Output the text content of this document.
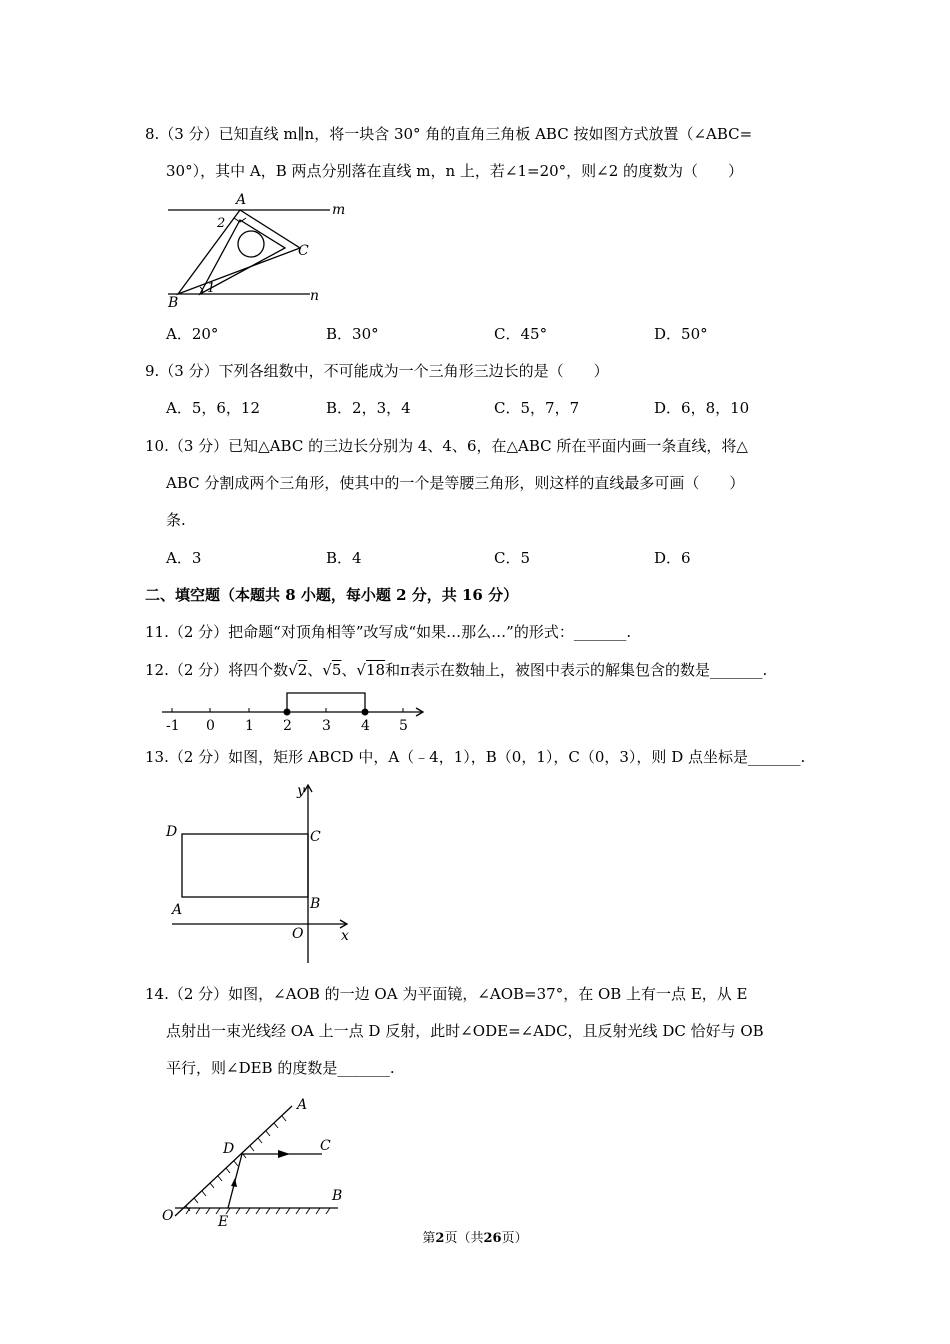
8.（3 分）已知直线 m∥n，将一块含 30° 角的直角三角板 ABC 按如图方式放置（∠ABC=
30°），其中 A，B 两点分别落在直线 m，n 上，若∠1=20°，则∠2 的度数为（　　）
A
B
C
m
n
1
2
A．20°	B．30°	C．45°	D．50°
9.（3 分）下列各组数中，不可能成为一个三角形三边长的是（　　）
A．5，6，12	B．2，3，4	C．5，7，7	D．6，8，10
10.（3 分）已知△ABC 的三边长分别为 4、4、6，在△ABC 所在平面内画一条直线，将△
ABC 分割成两个三角形，使其中的一个是等腰三角形，则这样的直线最多可画（　　）
条.
A．3	B．4	C．5	D．6
二、填空题（本题共 8 小题，每小题 2 分，共 16 分）
11.（2 分）把命题“对顶角相等”改写成“如果…那么…”的形式：_______.
12.（2 分）将四个数√2、√5、√18和π表示在数轴上，被图中表示的解集包含的数是_______.
-1 0 1 2 3 4 5
13.（2 分）如图，矩形 ABCD 中，A（﹣4，1），B（0，1），C（0，3），则 D 点坐标是_______.
y
x
O
A	B
C
D
14.（2 分）如图，∠AOB 的一边 OA 为平面镜，∠AOB=37°，在 OB 上有一点 E，从 E
点射出一束光线经 OA 上一点 D 反射，此时∠ODE=∠ADC，且反射光线 DC 恰好与 OB
平行，则∠DEB 的度数是_______.
A
B
C
D
E
O
第2页（共26页）
